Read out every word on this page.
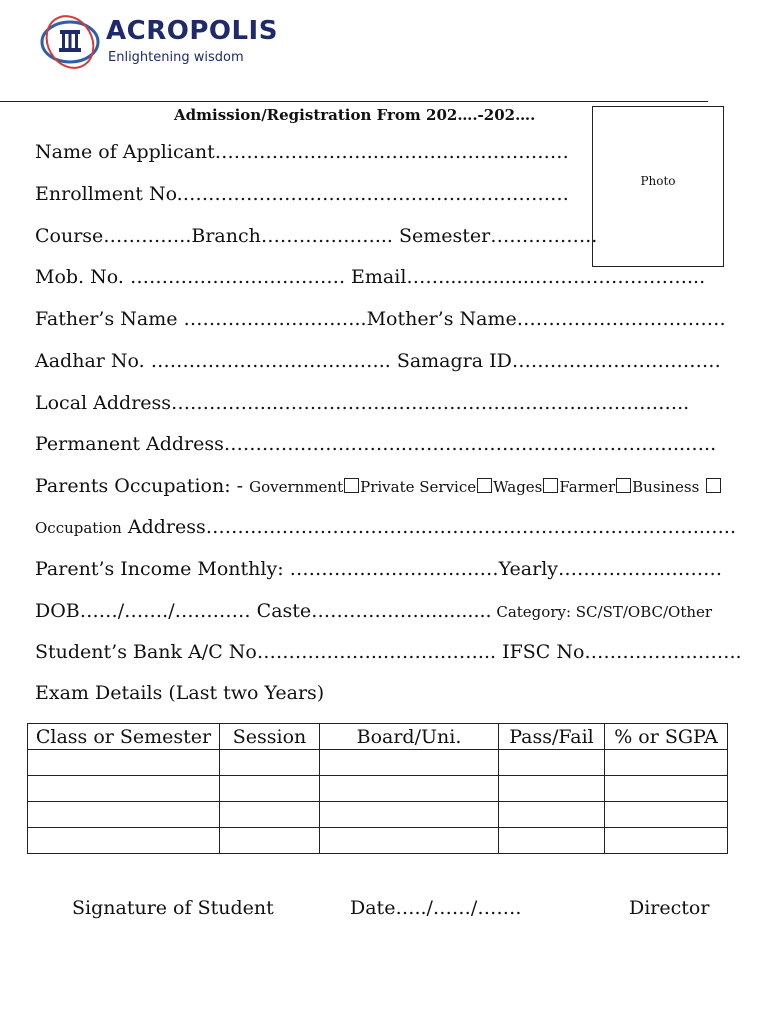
ACROPOLIS
Enlightening wisdom
Admission/Registration From 202….-202….
Photo
Name of Applicant……………………..…………………………
Enrollment No.…………………………………………………….
Course…………..Branch………………... Semester……………..
Mob. No. ……………………………. Email……...............……………………...
Father’s Name ………………………..Mother’s Name……………………………
Aadhar No. ……………………………….. Samagra ID……………………………
Local Address……………..………………………………………………………..
Permanent Address………………………..……………………………………..…..
Parents Occupation: - Government Private Service Wages Farmer Business
Occupation Address……………………………..……………………………………..…..
Parent’s Income Monthly: ……………………………Yearly……………..………
DOB……/……./………… Caste………………........... Category: SC/ST/OBC/Other
Student’s Bank A/C No………………..……………... IFSC No……………..……..
Exam Details (Last two Years)
Class or Semester	Session	Board/Uni.	Pass/Fail	% or SGPA

Signature of Student	Date…../……/…….	Director
